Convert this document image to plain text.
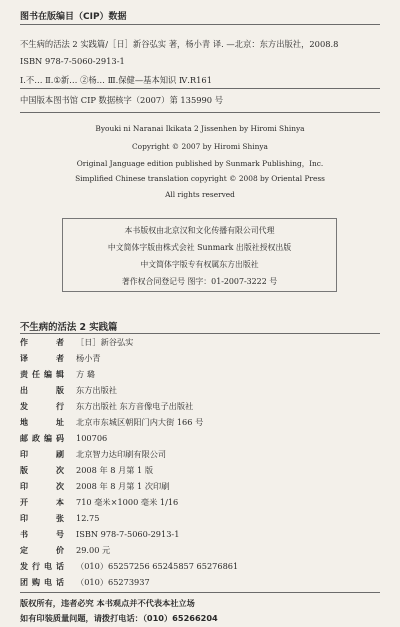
图书在版编目（CIP）数据
不生病的活法 2 实践篇/［日］新谷弘实 著，杨小青 译. —北京：东方出版社，2008.8
ISBN 978-7-5060-2913-1
Ⅰ.不… Ⅱ.①新… ②杨… Ⅲ.保健—基本知识 Ⅳ.R161
中国版本图书馆 CIP 数据核字（2007）第 135990 号
Byouki ni Naranai Ikikata 2 Jissenhen by Hiromi Shinya
Copyright © 2007 by Hiromi Shinya
Original Janguage edition published by Sunmark Publishing，Inc.
Simplified Chinese translation copyright © 2008 by Oriental Press
All rights reserved
本书版权由北京汉和文化传播有限公司代理
中文简体字版由株式会社 Sunmark 出版社授权出版
中文简体字版专有权属东方出版社
著作权合同登记号 图字：01-2007-3222 号
不生病的活法 2 实践篇
作者 ［日］新谷弘实
译者 杨小青
责任编辑 方 璐
出版 东方出版社
发行 东方出版社 东方音像电子出版社
地址 北京市东城区朝阳门内大街 166 号
邮政编码 100706
印刷 北京智力达印刷有限公司
版次 2008 年 8 月第 1 版
印次 2008 年 8 月第 1 次印刷
开本 710 毫米×1000 毫米 1/16
印张 12.75
书号 ISBN 978-7-5060-2913-1
定价 29.00 元
发行电话 （010）65257256 65245857 65276861
团购电话 （010）65273937
版权所有，违者必究 本书观点并不代表本社立场
如有印装质量问题，请拨打电话：（010）65266204
